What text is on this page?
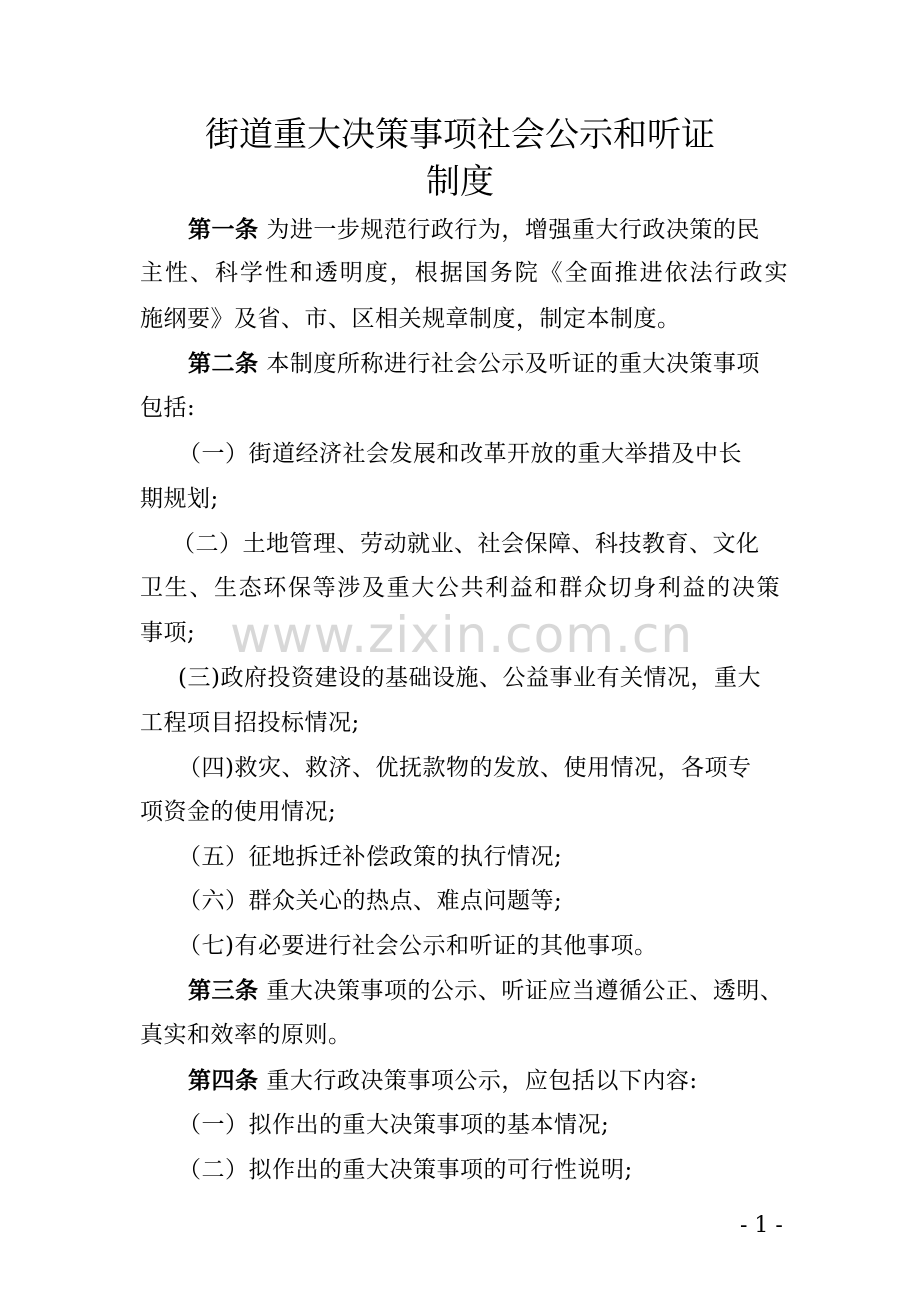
街道重大决策事项社会公示和听证
制度
第一条 为进一步规范行政行为，增强重大行政决策的民
主性、科学性和透明度，根据国务院《全面推进依法行政实
施纲要》及省、市、区相关规章制度，制定本制度。
第二条 本制度所称进行社会公示及听证的重大决策事项
包括:
（一）街道经济社会发展和改革开放的重大举措及中长
期规划;
（二）土地管理、劳动就业、社会保障、科技教育、文化
卫生、生态环保等涉及重大公共利益和群众切身利益的决策
事项; www.zixin.com.cn
(三)政府投资建设的基础设施、公益事业有关情况，重大
工程项目招投标情况;
（四)救灾、救济、优抚款物的发放、使用情况，各项专
项资金的使用情况;
（五）征地拆迁补偿政策的执行情况;
（六）群众关心的热点、难点问题等;
（七)有必要进行社会公示和听证的其他事项。
第三条 重大决策事项的公示、听证应当遵循公正、透明、
真实和效率的原则。
第四条 重大行政决策事项公示，应包括以下内容:
（一）拟作出的重大决策事项的基本情况;
（二）拟作出的重大决策事项的可行性说明;
- 1 -
